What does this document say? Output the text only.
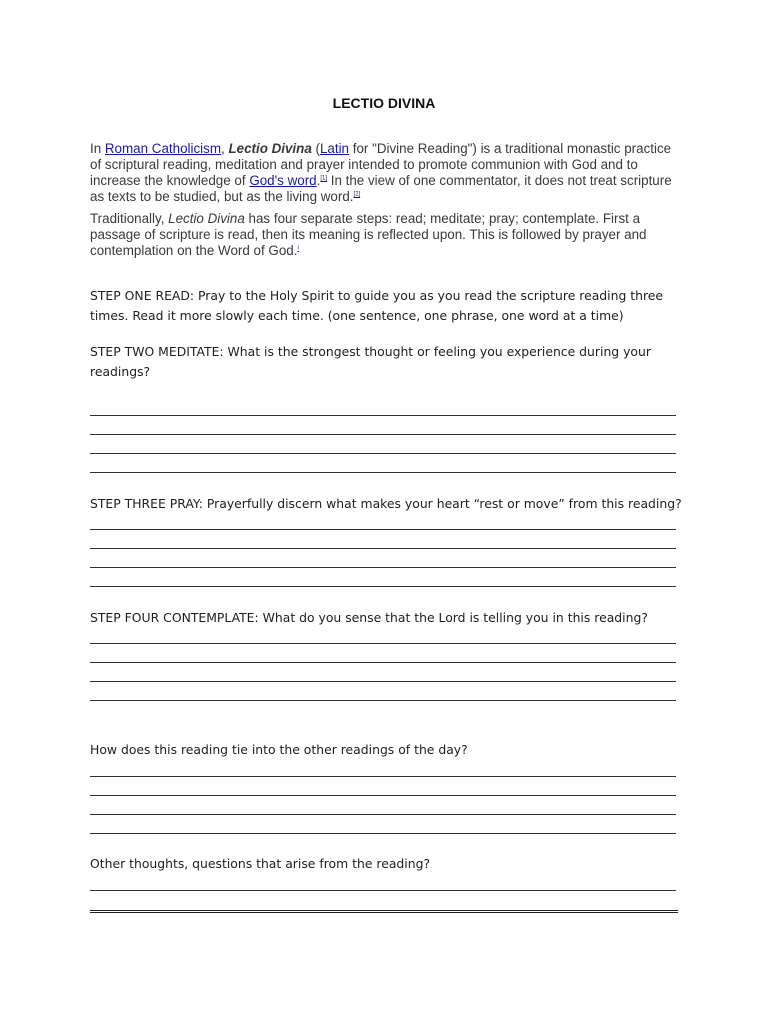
LECTIO DIVINA

In Roman Catholicism, Lectio Divina (Latin for "Divine Reading") is a traditional monastic practice of scriptural reading, meditation and prayer intended to promote communion with God and to increase the knowledge of God's word.[1] In the view of one commentator, it does not treat scripture as texts to be studied, but as the living word.[2]

Traditionally, Lectio Divina has four separate steps: read; meditate; pray; contemplate. First a passage of scripture is read, then its meaning is reflected upon. This is followed by prayer and contemplation on the Word of God.$^i$

STEP ONE READ: Pray to the Holy Spirit to guide you as you read the scripture reading three times. Read it more slowly each time. (one sentence, one phrase, one word at a time)

STEP TWO MEDITATE: What is the strongest thought or feeling you experience during your readings?

STEP THREE PRAY: Prayerfully discern what makes your heart “rest or move” from this reading?

STEP FOUR CONTEMPLATE: What do you sense that the Lord is telling you in this reading?

How does this reading tie into the other readings of the day?

Other thoughts, questions that arise from the reading?
